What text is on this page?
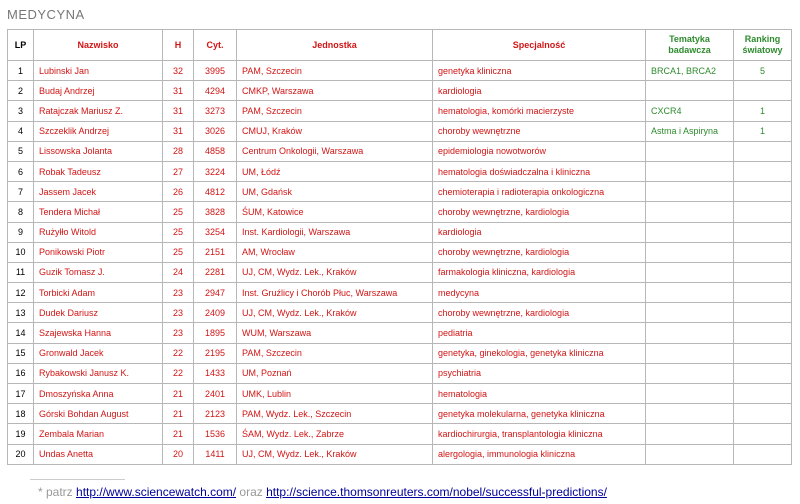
MEDYCYNA
LP	Nazwisko	H	Cyt.	Jednostka	Specjalność	Tematyka badawcza	Ranking światowy
1	Lubinski Jan	32	3995	PAM, Szczecin	genetyka kliniczna	BRCA1, BRCA2	5
2	Budaj Andrzej	31	4294	CMKP, Warszawa	kardiologia		
3	Ratajczak Mariusz Z.	31	3273	PAM, Szczecin	hematologia, komórki macierzyste	CXCR4	1
4	Szczeklik Andrzej	31	3026	CMUJ, Kraków	choroby wewnętrzne	Astma i Aspiryna	1
5	Lissowska Jolanta	28	4858	Centrum Onkologii, Warszawa	epidemiologia nowotworów		
6	Robak Tadeusz	27	3224	UM, Łódź	hematologia doświadczalna i kliniczna		
7	Jassem Jacek	26	4812	UM, Gdańsk	chemioterapia i radioterapia onkologiczna		
8	Tendera Michał	25	3828	ŚUM, Katowice	choroby wewnętrzne, kardiologia		
9	Rużyłło Witold	25	3254	Inst. Kardiologii, Warszawa	kardiologia		
10	Ponikowski Piotr	25	2151	AM, Wrocław	choroby wewnętrzne, kardiologia		
11	Guzik Tomasz J.	24	2281	UJ, CM, Wydz. Lek., Kraków	farmakologia kliniczna, kardiologia		
12	Torbicki Adam	23	2947	Inst. Gruźlicy i Chorób Płuc, Warszawa	medycyna		
13	Dudek Dariusz	23	2409	UJ, CM, Wydz. Lek., Kraków	choroby wewnętrzne, kardiologia		
14	Szajewska Hanna	23	1895	WUM, Warszawa	pediatria		
15	Gronwald Jacek	22	2195	PAM, Szczecin	genetyka, ginekologia, genetyka kliniczna		
16	Rybakowski Janusz K.	22	1433	UM, Poznań	psychiatria		
17	Dmoszyńska Anna	21	2401	UMK, Lublin	hematologia		
18	Górski Bohdan August	21	2123	PAM, Wydz. Lek., Szczecin	genetyka molekularna, genetyka kliniczna		
19	Zembala Marian	21	1536	ŚAM, Wydz. Lek., Zabrze	kardiochirurgia, transplantologia kliniczna		
20	Undas Anetta	20	1411	UJ, CM, Wydz. Lek., Kraków	alergologia, immunologia kliniczna		
* patrz http://www.sciencewatch.com/ oraz http://science.thomsonreuters.com/nobel/successful-predictions/
